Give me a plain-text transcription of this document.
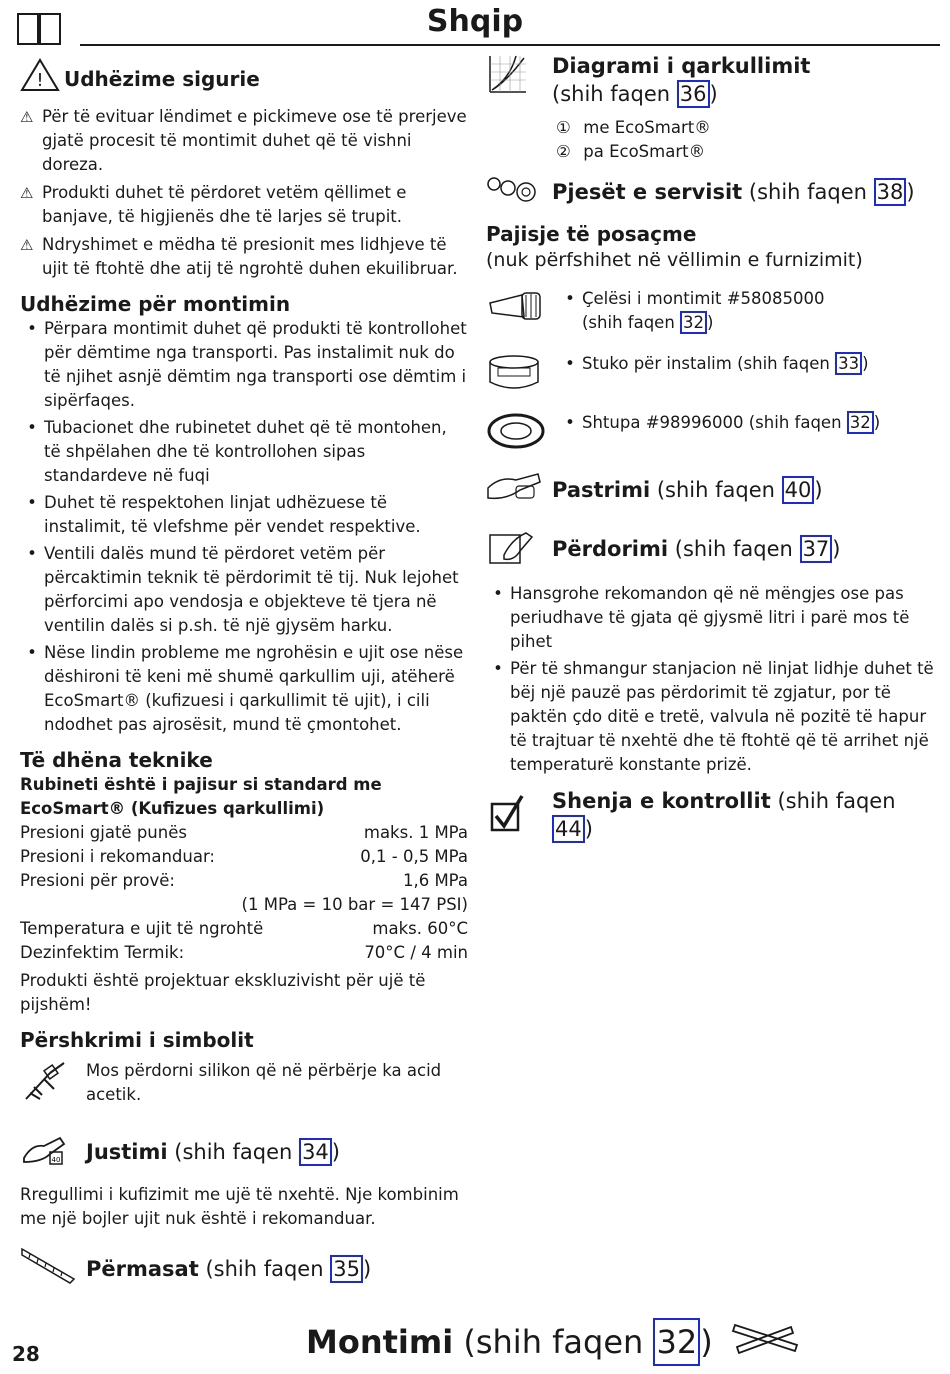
Shqip
! Udhëzime sigurie
⚠ Për të evituar lëndimet e pickimeve ose të prerjeve gjatë procesit të montimit duhet që të vishni doreza.
⚠ Produkti duhet të përdoret vetëm qëllimet e banjave, të higjienës dhe të larjes së trupit.
⚠ Ndryshimet e mëdha të presionit mes lidhjeve të ujit të ftohtë dhe atij të ngrohtë duhen ekuilibruar.
Udhëzime për montimin
• Përpara montimit duhet që produkti të kontrollohet për dëmtime nga transporti. Pas instalimit nuk do të njihet asnjë dëmtim nga transporti ose dëmtim i sipërfaqes.
• Tubacionet dhe rubinetet duhet që të montohen, të shpëlahen dhe të kontrollohen sipas standardeve në fuqi
• Duhet të respektohen linjat udhëzuese të instalimit, të vlefshme për vendet respektive.
• Ventili dalës mund të përdoret vetëm për përcaktimin teknik të përdorimit të tij. Nuk lejohet përforcimi apo vendosja e objekteve të tjera në ventilin dalës si p.sh. të një gjysëm harku.
• Nëse lindin probleme me ngrohësin e ujit ose nëse dëshironi të keni më shumë qarkullim uji, atëherë EcoSmart® (kufizuesi i qarkullimit të ujit), i cili ndodhet pas ajrosësit, mund të çmontohet.
Të dhëna teknike
Rubineti është i pajisur si standard me
EcoSmart® (Kufizues qarkullimi)
Presioni gjatë punës	maks. 1 MPa
Presioni i rekomanduar:	0,1 - 0,5 MPa
Presioni për provë:	1,6 MPa
(1 MPa = 10 bar = 147 PSI)
Temperatura e ujit të ngrohtë	maks. 60°C
Dezinfektim Termik:	70°C / 4 min
Produkti është projektuar ekskluzivisht për ujë të pijshëm!
Përshkrimi i simbolit
Mos përdorni silikon që në përbërje ka acid acetik.
40 Justimi (shih faqen 34 )
Rregullimi i kufizimit me ujë të nxehtë. Nje kombinim me një bojler ujit nuk është i rekomanduar.
Përmasat (shih faqen 35 )
Diagrami i qarkullimit
(shih faqen 36 )
① me EcoSmart®
② pa EcoSmart®
Pjesët e servisit (shih faqen 38 )
Pajisje të posaçme
(nuk përfshihet në vëllimin e furnizimit)
• Çelësi i montimit #58085000
(shih faqen 32 )
• Stuko për instalim (shih faqen 33 )
• Shtupa #98996000 (shih faqen 32 )
Pastrimi (shih faqen 40 )
Përdorimi (shih faqen 37 )
• Hansgrohe rekomandon që në mëngjes ose pas periudhave të gjata që gjysmë litri i parë mos të pihet
• Për të shmangur stanjacion në linjat lidhje duhet të bëj një pauzë pas përdorimit të zgjatur, por të paktën çdo ditë e tretë, valvula në pozitë të hapur të trajtuar të nxehtë dhe të ftohtë që të arrihet një temperaturë konstante prizë.
Shenja e kontrollit (shih faqen 44 )
28	Montimi
(shih faqen
32 )
